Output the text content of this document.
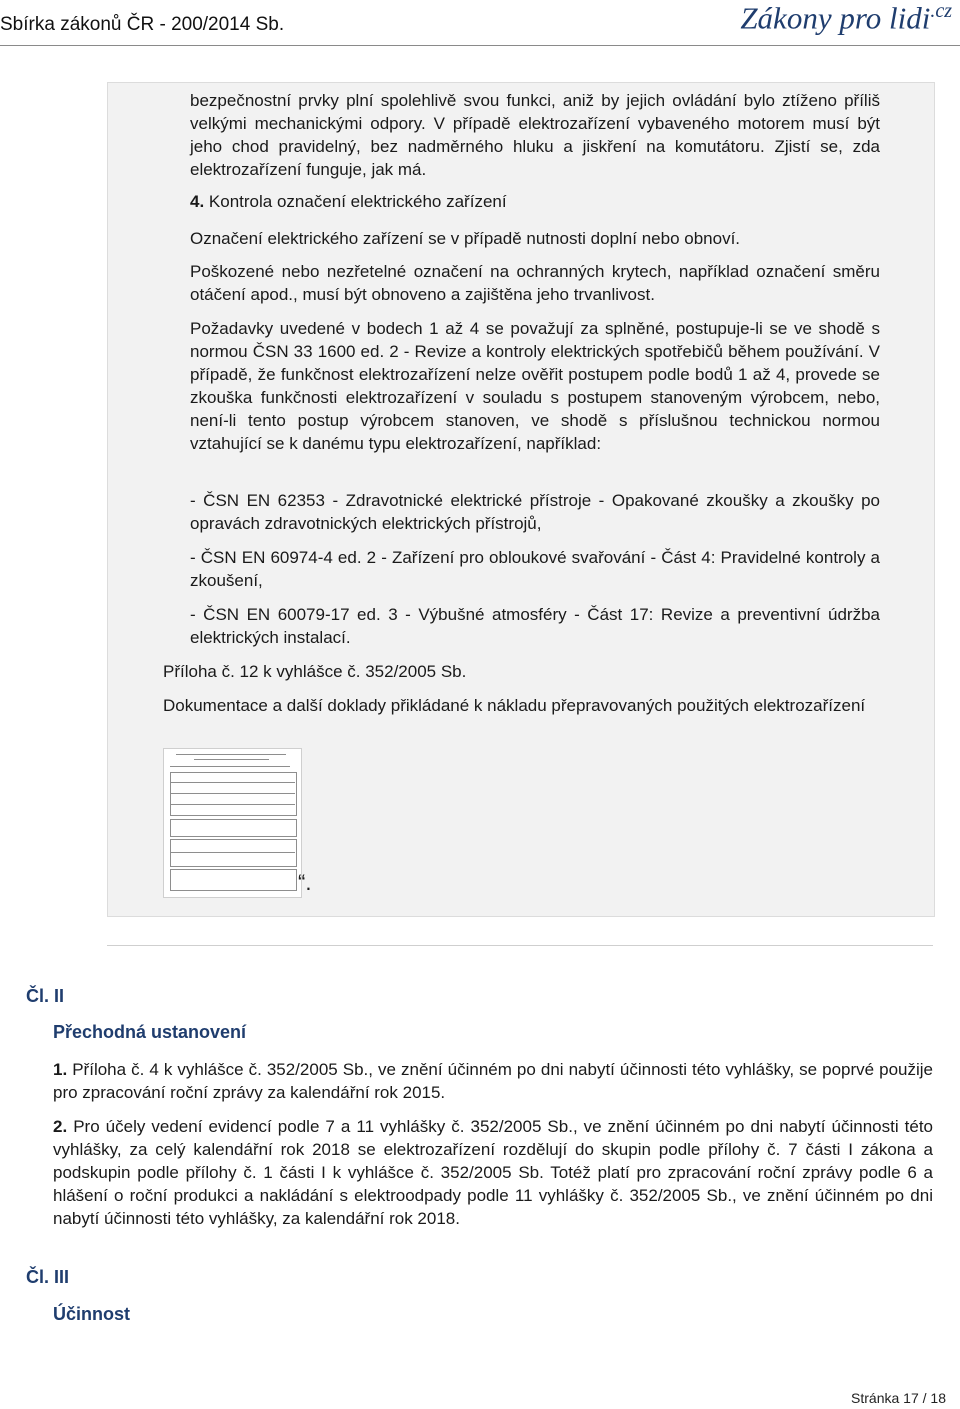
Sbírka zákonů ČR - 200/2014 Sb.	Zákony pro lidi$^{.cz}$

bezpečnostní prvky plní spolehlivě svou funkci, aniž by jejich ovládání bylo ztíženo příliš velkými mechanickými odpory. V případě elektrozařízení vybaveného motorem musí být jeho chod pravidelný, bez nadměrného hluku a jiskření na komutátoru. Zjistí se, zda elektrozařízení funguje, jak má.

4. Kontrola označení elektrického zařízení

Označení elektrického zařízení se v případě nutnosti doplní nebo obnoví.

Poškozené nebo nezřetelné označení na ochranných krytech, například označení směru otáčení apod., musí být obnoveno a zajištěna jeho trvanlivost.

Požadavky uvedené v bodech 1 až 4 se považují za splněné, postupuje-li se ve shodě s normou ČSN 33 1600 ed. 2 - Revize a kontroly elektrických spotřebičů během používání. V případě, že funkčnost elektrozařízení nelze ověřit postupem podle bodů 1 až 4, provede se zkouška funkčnosti elektrozařízení v souladu s postupem stanoveným výrobcem, nebo, není-li tento postup výrobcem stanoven, ve shodě s příslušnou technickou normou vztahující se k danému typu elektrozařízení, například:

- ČSN EN 62353 - Zdravotnické elektrické přístroje - Opakované zkoušky a zkoušky po opravách zdravotnických elektrických přístrojů,

- ČSN EN 60974-4 ed. 2 - Zařízení pro obloukové svařování - Část 4: Pravidelné kontroly a zkoušení,

- ČSN EN 60079-17 ed. 3 - Výbušné atmosféry - Část 17: Revize a preventivní údržba elektrických instalací.

Příloha č. 12 k vyhlášce č. 352/2005 Sb.

Dokumentace a další doklady přikládané k nákladu přepravovaných použitých elektrozařízení

“.
Čl. II
Přechodná ustanovení

1. Příloha č. 4 k vyhlášce č. 352/2005 Sb., ve znění účinném po dni nabytí účinnosti této vyhlášky, se poprvé použije pro zpracování roční zprávy za kalendářní rok 2015.

2. Pro účely vedení evidencí podle 7 a 11 vyhlášky č. 352/2005 Sb., ve znění účinném po dni nabytí účinnosti této vyhlášky, za celý kalendářní rok 2018 se elektrozařízení rozdělují do skupin podle přílohy č. 7 části I zákona a podskupin podle přílohy č. 1 části I k vyhlášce č. 352/2005 Sb. Totéž platí pro zpracování roční zprávy podle 6 a hlášení o roční produkci a nakládání s elektroodpady podle 11 vyhlášky č. 352/2005 Sb., ve znění účinném po dni nabytí účinnosti této vyhlášky, za kalendářní rok 2018.

Čl. III
Účinnost
Stránka 17 / 18
